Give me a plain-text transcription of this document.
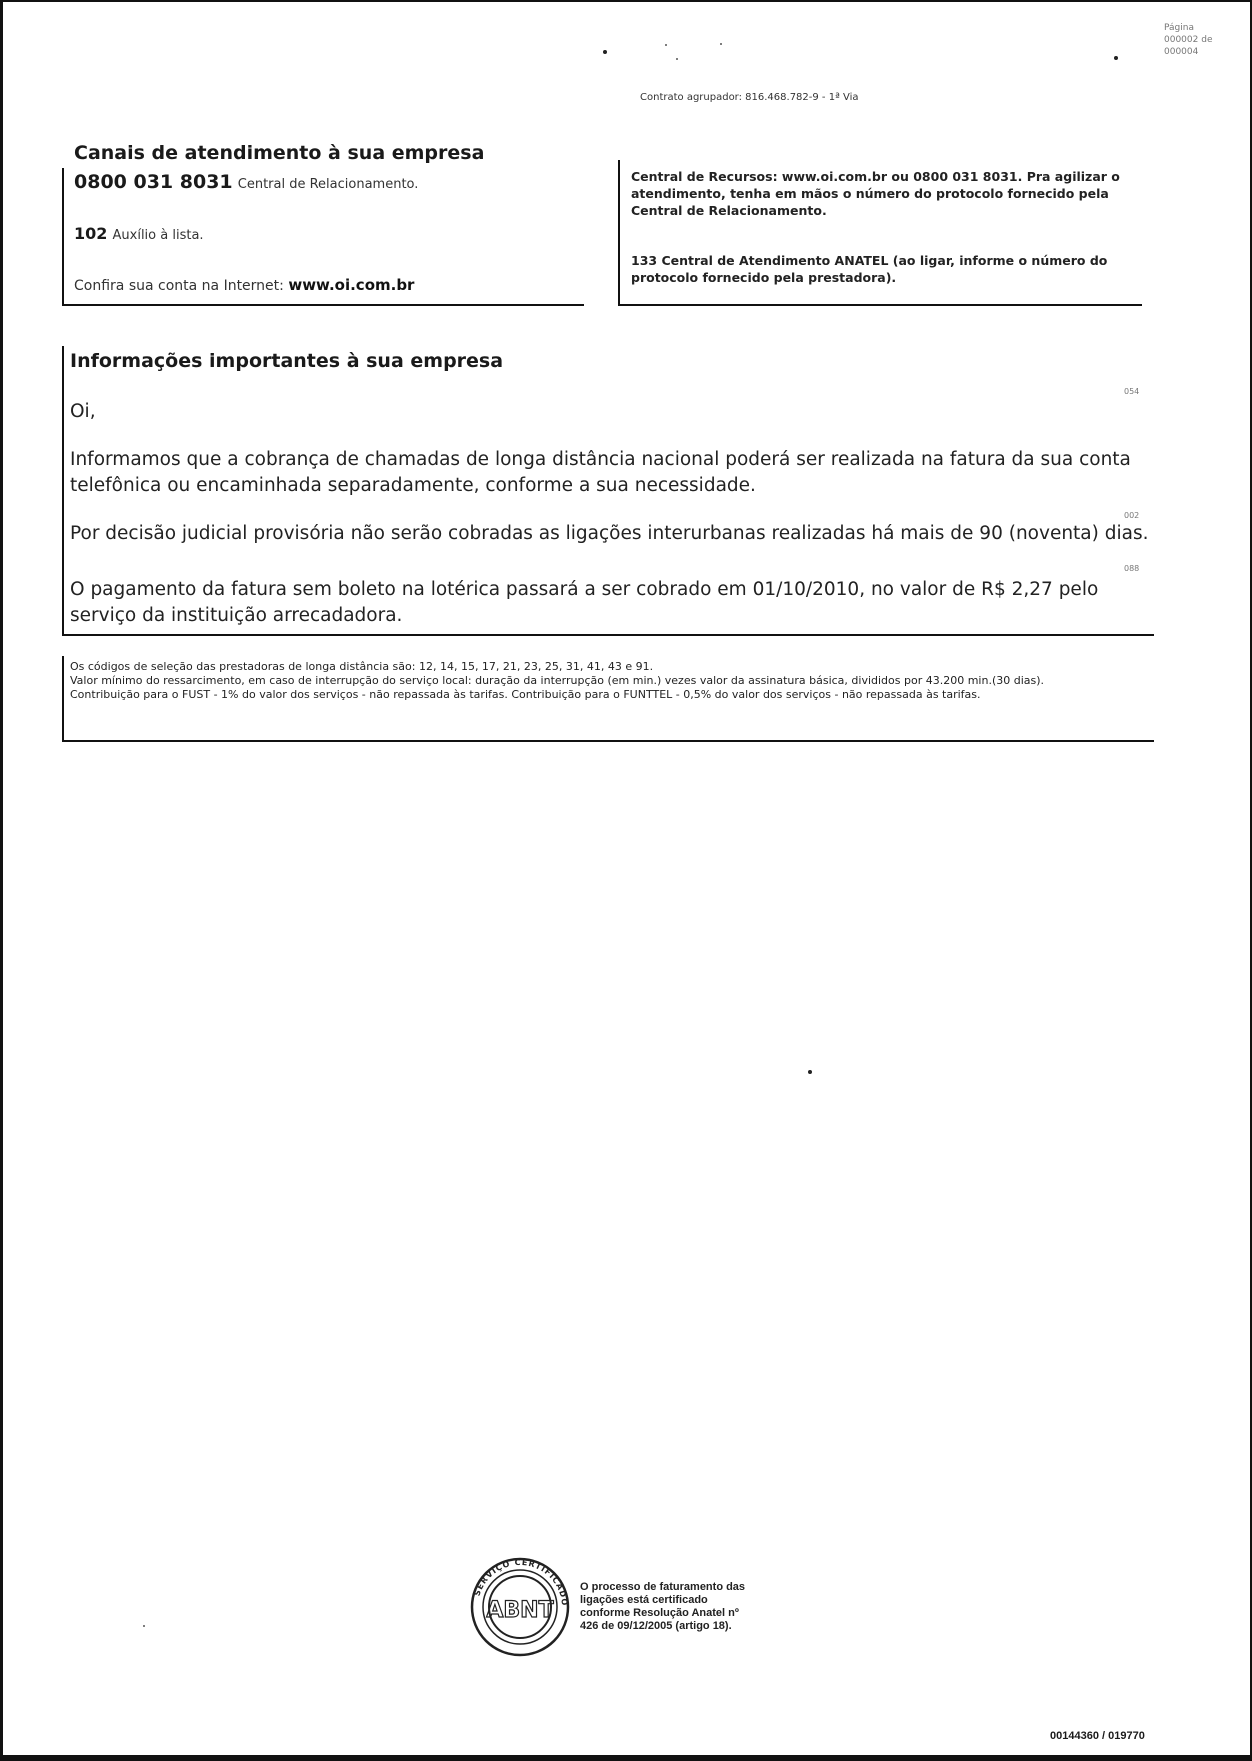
Página
000002 de
000004
Contrato agrupador: 816.468.782-9 - 1ª Via
Canais de atendimento à sua empresa
0800 031 8031 Central de Relacionamento.
102 Auxílio à lista.
Confira sua conta na Internet: www.oi.com.br
Central de Recursos: www.oi.com.br ou 0800 031 8031. Pra agilizar o atendimento, tenha em mãos o número do protocolo fornecido pela Central de Relacionamento.
133 Central de Atendimento ANATEL (ao ligar, informe o número do protocolo fornecido pela prestadora).
Informações importantes à sua empresa
054
Oi,
Informamos que a cobrança de chamadas de longa distância nacional poderá ser realizada na fatura da sua conta telefônica ou encaminhada separadamente, conforme a sua necessidade.
002
Por decisão judicial provisória não serão cobradas as ligações interurbanas realizadas há mais de 90 (noventa) dias.
088
O pagamento da fatura sem boleto na lotérica passará a ser cobrado em 01/10/2010, no valor de R$ 2,27 pelo serviço da instituição arrecadadora.
Os códigos de seleção das prestadoras de longa distância são: 12, 14, 15, 17, 21, 23, 25, 31, 41, 43 e 91.
Valor mínimo do ressarcimento, em caso de interrupção do serviço local: duração da interrupção (em min.) vezes valor da assinatura básica, divididos por 43.200 min.(30 dias).
Contribuição para o FUST - 1% do valor dos serviços - não repassada às tarifas. Contribuição para o FUNTTEL - 0,5% do valor dos serviços - não repassada às tarifas.
SERVIÇO CERTIFICADO
ABNT
O processo de faturamento das ligações está certificado conforme Resolução Anatel nº 426 de 09/12/2005 (artigo 18).
00144360 / 019770
